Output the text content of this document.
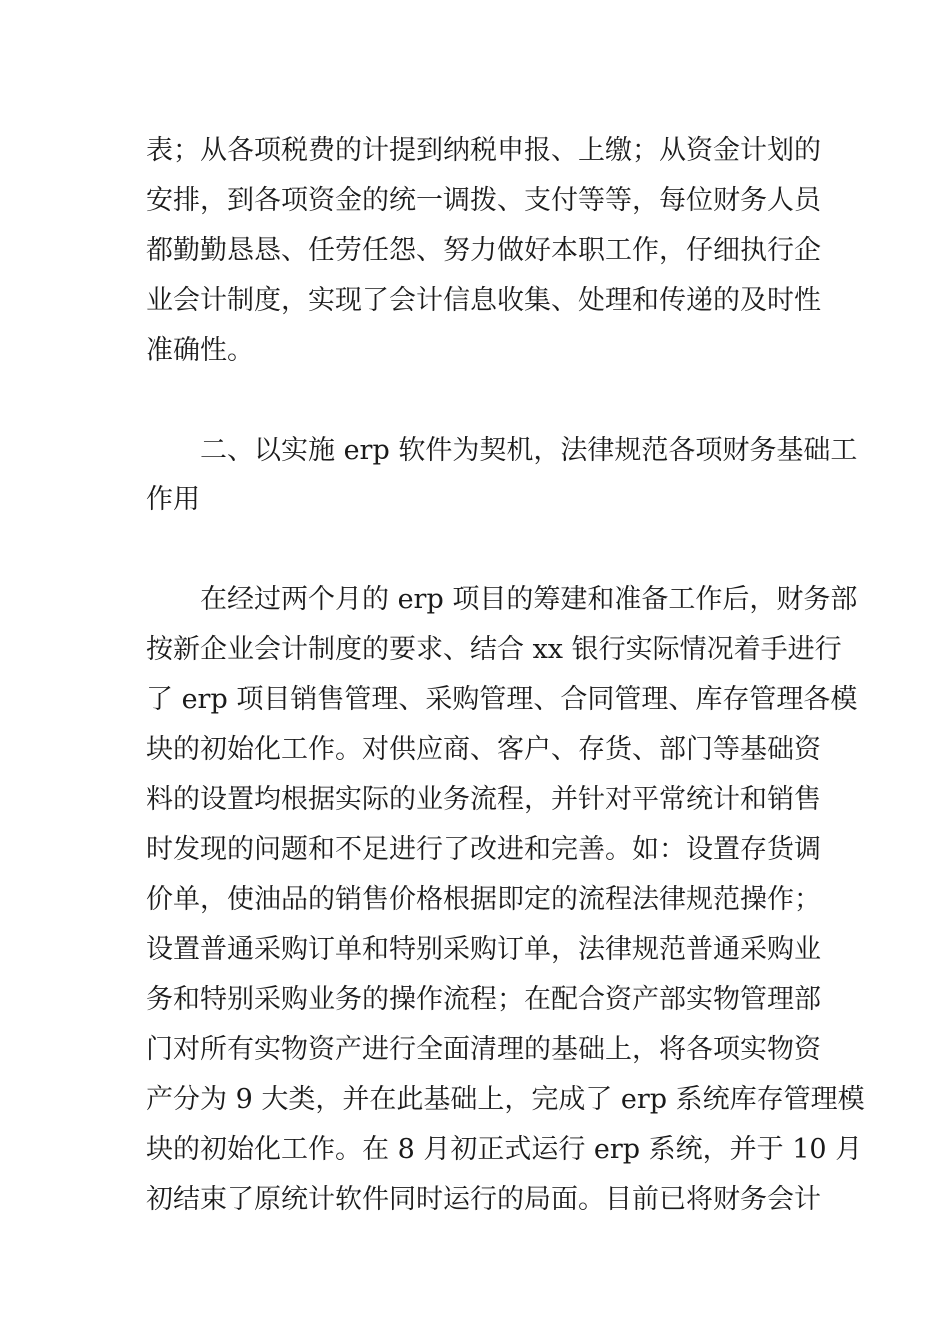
表；从各项税费的计提到纳税申报、上缴；从资金计划的
安排，到各项资金的统一调拨、支付等等，每位财务人员
都勤勤恳恳、任劳任怨、努力做好本职工作，仔细执行企
业会计制度，实现了会计信息收集、处理和传递的及时性
准确性。
二、以实施 erp 软件为契机，法律规范各项财务基础工
作用
在经过两个月的 erp 项目的筹建和准备工作后，财务部
按新企业会计制度的要求、结合 xx 银行实际情况着手进行
了 erp 项目销售管理、采购管理、合同管理、库存管理各模
块的初始化工作。对供应商、客户、存货、部门等基础资
料的设置均根据实际的业务流程，并针对平常统计和销售
时发现的问题和不足进行了改进和完善。如：设置存货调
价单，使油品的销售价格根据即定的流程法律规范操作；
设置普通采购订单和特别采购订单，法律规范普通采购业
务和特别采购业务的操作流程；在配合资产部实物管理部
门对所有实物资产进行全面清理的基础上，将各项实物资
产分为 9 大类，并在此基础上，完成了 erp 系统库存管理模
块的初始化工作。在 8 月初正式运行 erp 系统，并于 10 月
初结束了原统计软件同时运行的局面。目前已将财务会计
